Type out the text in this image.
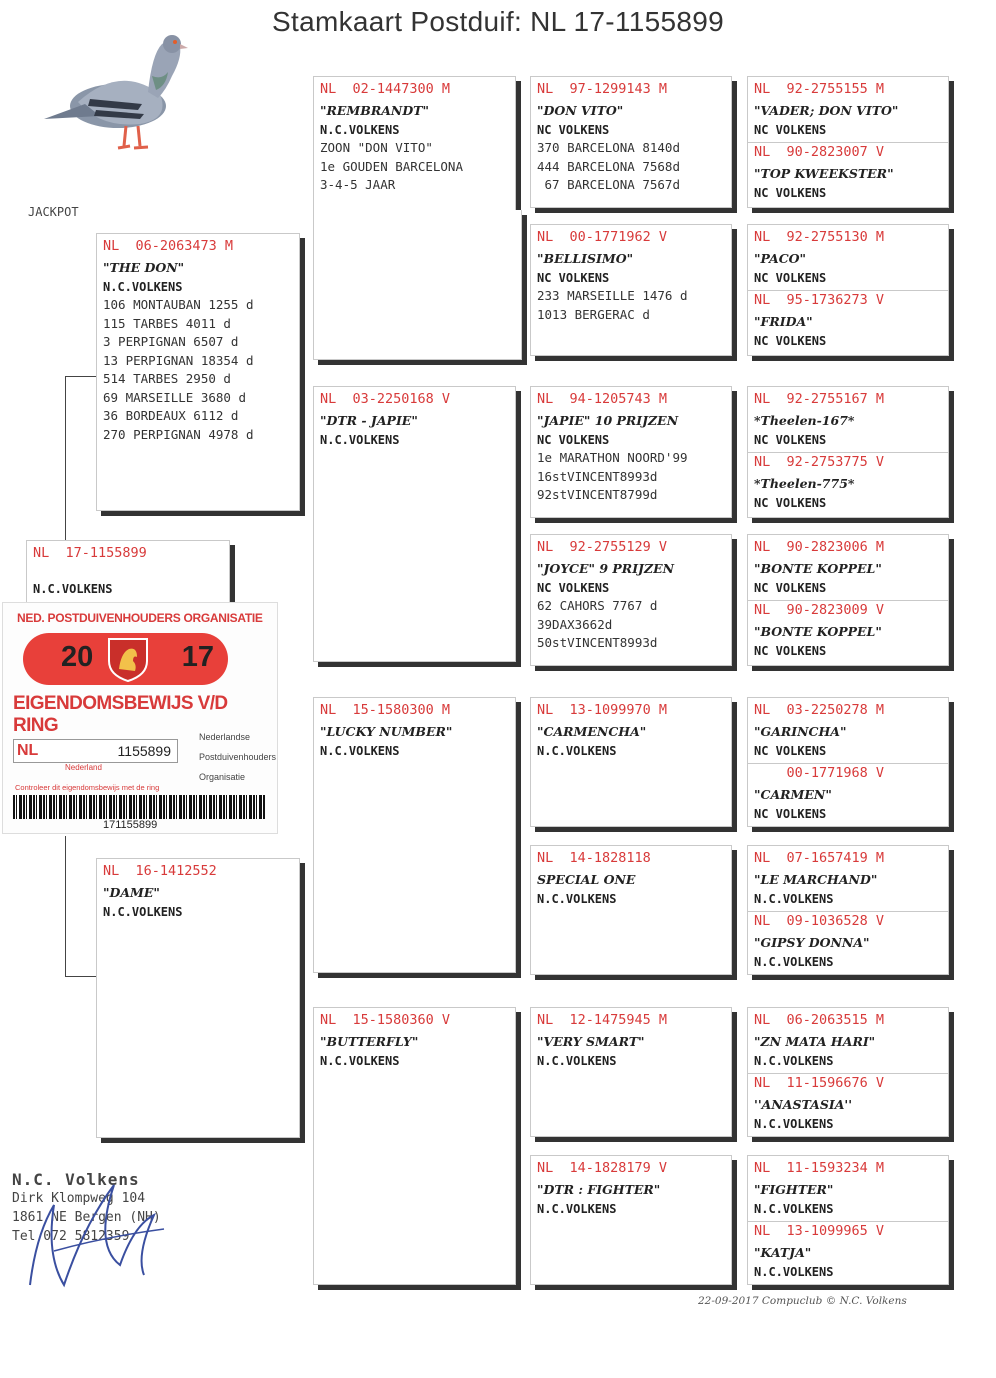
Stamkaart Postduif: NL 17-1155899
JACKPOT
NL  17-1155899
N.C.VOLKENS
NL  06-2063473 M
"THE DON"
N.C.VOLKENS
106 MONTAUBAN 1255 d
115 TARBES 4011 d
3 PERPIGNAN 6507 d
13 PERPIGNAN 18354 d
514 TARBES 2950 d
69 MARSEILLE 3680 d
36 BORDEAUX 6112 d
270 PERPIGNAN 4978 d
NL  16-1412552
"DAME"
N.C.VOLKENS
NED. POSTDUIVENHOUDERS ORGANISATIE
20	17
EIGENDOMSBEWIJS V/D RING
NL	1155899
Nederland
Nederlandse
Postduivenhouders
Organisatie
Controleer dit eigendomsbewijs met de ring
171155899
NL  02-1447300 M
"REMBRANDT"
N.C.VOLKENS
ZOON "DON VITO"
1e GOUDEN BARCELONA
3-4-5 JAAR
NL  03-2250168 V
"DTR - JAPIE"
N.C.VOLKENS
NL  15-1580300 M
"LUCKY NUMBER"
N.C.VOLKENS
NL  15-1580360 V
"BUTTERFLY"
N.C.VOLKENS
NL  97-1299143 M
"DON VITO"
NC VOLKENS
370 BARCELONA 8140d
444 BARCELONA 7568d
67 BARCELONA 7567d
NL  00-1771962 V
"BELLISIMO"
NC VOLKENS
233 MARSEILLE 1476 d
1013 BERGERAC d
NL  94-1205743 M
"JAPIE" 10 PRIJZEN
NC VOLKENS
1e MARATHON NOORD'99
16stVINCENT8993d
92stVINCENT8799d
NL  92-2755129 V
"JOYCE" 9 PRIJZEN
NC VOLKENS
62 CAHORS 7767 d
39DAX3662d
50stVINCENT8993d
NL  13-1099970 M
"CARMENCHA"
N.C.VOLKENS
NL  14-1828118
SPECIAL ONE
N.C.VOLKENS
NL  12-1475945 M
"VERY SMART"
N.C.VOLKENS
NL  14-1828179 V
"DTR : FIGHTER"
N.C.VOLKENS
NL  92-2755155 M
"VADER; DON VITO"
NC VOLKENS
NL  90-2823007 V
"TOP KWEEKSTER"
NC VOLKENS
NL  92-2755130 M
"PACO"
NC VOLKENS
NL  95-1736273 V
"FRIDA"
NC VOLKENS
NL  92-2755167 M
*Theelen-167*
NC VOLKENS
NL  92-2753775 V
*Theelen-775*
NC VOLKENS
NL  90-2823006 M
"BONTE KOPPEL"
NC VOLKENS
NL  90-2823009 V
"BONTE KOPPEL"
NC VOLKENS
NL  03-2250278 M
"GARINCHA"
NC VOLKENS
00-1771968 V
"CARMEN"
NC VOLKENS
NL  07-1657419 M
"LE MARCHAND"
N.C.VOLKENS
NL  09-1036528 V
"GIPSY DONNA"
N.C.VOLKENS
NL  06-2063515 M
"ZN MATA HARI"
N.C.VOLKENS
NL  11-1596676 V
''ANASTASIA''
N.C.VOLKENS
NL  11-1593234 M
"FIGHTER"
N.C.VOLKENS
NL  13-1099965 V
"KATJA"
N.C.VOLKENS
N.C. Volkens
Dirk Klompweg 104
1861 NE Bergen (NH)
Tel 072 5812359
22-09-2017 Compuclub © N.C. Volkens
